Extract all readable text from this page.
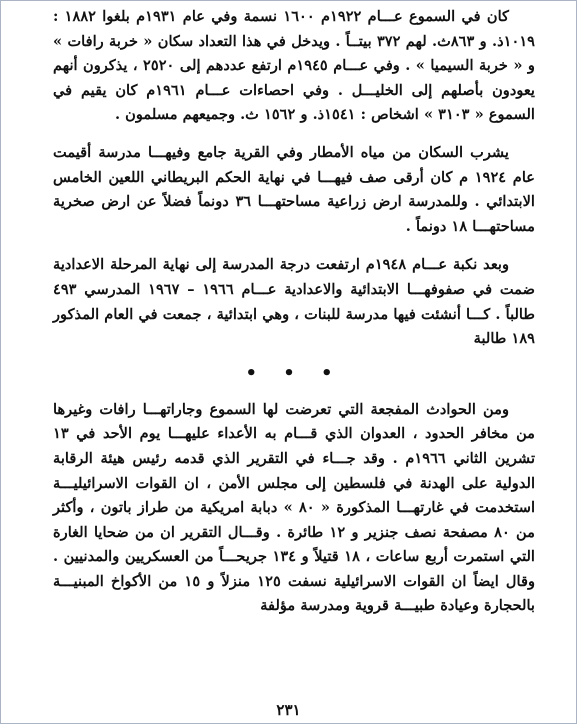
كان في السموع عـــام ١٩٢٢م ١٦٠٠ نسمة وفي عام ١٩٣١م بلغوا ١٨٨٢ : ١٠١٩ذ. و ٨٦٣ث. لهم ٣٧٢ بيتــاً . ويدخل في هذا التعداد سكان « خربة رافات » و « خربة السيميا » . وفي عـــام ١٩٤٥م ارتفع عددهم إلى ٢٥٢٠ ، يذكرون أنهم يعودون بأصلهم إلى الخليـــل . وفي احصاءات عـــام ١٩٦١م كان يقيم في السموع « ٣١٠٣ » اشخاص : ١٥٤١ذ. و ١٥٦٢ ث. وجميعهم مسلمون .

يشرب السكان من مياه الأمطار وفي القرية جامع وفيهـــا مدرسة أقيمت عام ١٩٢٤ م كان أرقى صف فيهـــا في نهاية الحكم البريطاني اللعين الخامس الابتدائي . وللمدرسة ارض زراعية مساحتهـــا ٣٦ دونماً فضلاً عن ارض صخرية مساحتهـــا ١٨ دونماً .

وبعد نكبة عـــام ١٩٤٨م ارتفعت درجة المدرسة إلى نهاية المرحلة الاعدادية ضمت في صفوفهـــا الابتدائية والاعدادية عـــام ١٩٦٦ – ١٩٦٧ المدرسي ٤٩٣ طالباً . كـــا أنشئت فيها مدرسة للبنات ، وهي ابتدائية ، جمعت في العام المذكور ١٨٩ طالبة

• • •

ومن الحوادث المفجعة التي تعرضت لها السموع وجاراتهـــا رافات وغيرها من مخافر الحدود ، العدوان الذي قـــام به الأعداء عليهـــا يوم الأحد في ١٣ تشرين الثاني ١٩٦٦م . وقد جـــاء في التقرير الذي قدمه رئيس هيئة الرقابة الدولية على الهدنة في فلسطين إلى مجلس الأمن ، ان القوات الاسرائيليـــة استخدمت في غارتهـــا المذكورة « ٨٠ » دبابة امريكية من طراز باتون ، وأكثر من ٨٠ مصفحة نصف جنزير و ١٢ طائرة . وقـــال التقرير ان من ضحايا الغارة التي استمرت أربع ساعات ، ١٨ قتيلاً و ١٣٤ جريحـــاً من العسكريين والمدنيين . وقال ايضاً ان القوات الاسرائيلية نسفت ١٢٥ منزلاً و ١٥ من الأكواخ المبنيـــة بالحجارة وعيادة طبيـــة قروية ومدرسة مؤلفة

٢٣١
